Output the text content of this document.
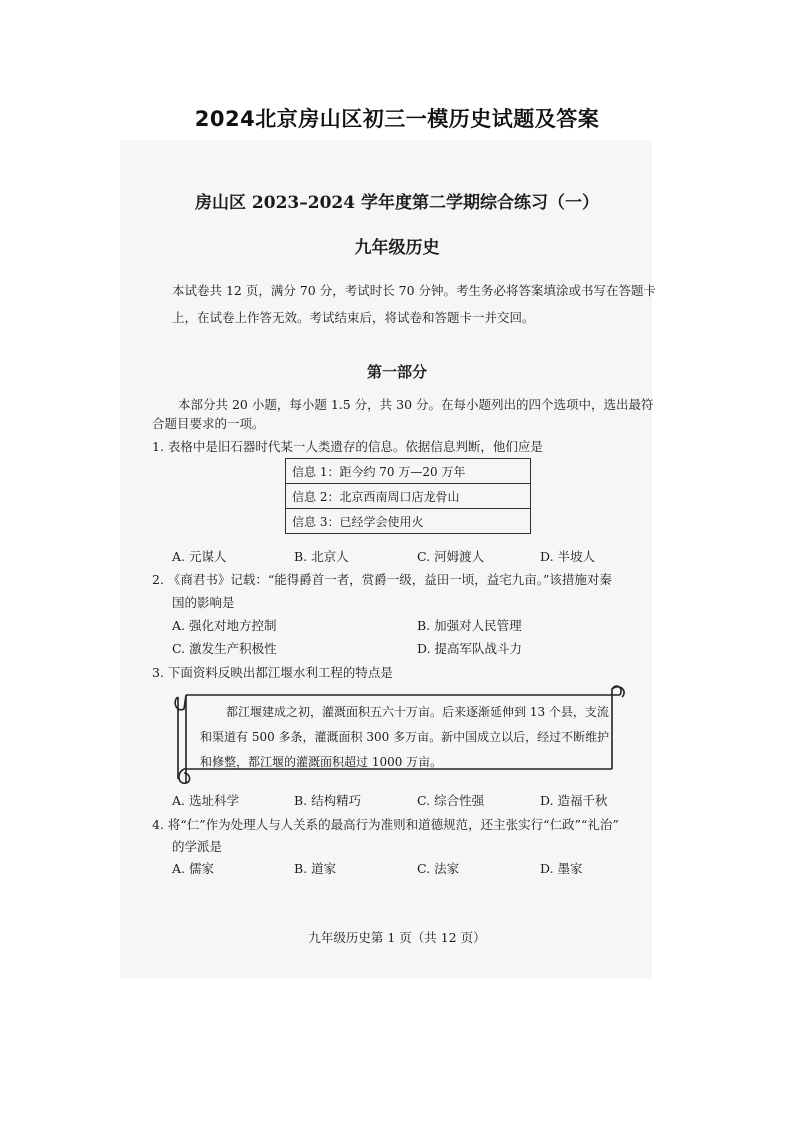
2024北京房山区初三一模历史试题及答案
房山区 2023–2024 学年度第二学期综合练习（一）
九年级历史
本试卷共 12 页，满分 70 分，考试时长 70 分钟。考生务必将答案填涂或书写在答题卡上，在试卷上作答无效。考试结束后，将试卷和答题卡一并交回。
第一部分
本部分共 20 小题，每小题 1.5 分，共 30 分。在每小题列出的四个选项中，选出最符合题目要求的一项。
1. 表格中是旧石器时代某一人类遗存的信息。依据信息判断，他们应是
信息 1：距今约 70 万—20 万年
信息 2：北京西南周口店龙骨山
信息 3：已经学会使用火
A. 元谋人	B. 北京人	C. 河姆渡人	D. 半坡人
2. 《商君书》记载：“能得爵首一者，赏爵一级，益田一顷，益宅九亩。”该措施对秦
国的影响是
A. 强化对地方控制	B. 加强对人民管理
C. 激发生产积极性	D. 提高军队战斗力
3. 下面资料反映出都江堰水利工程的特点是
都江堰建成之初，灌溉面积五六十万亩。后来逐渐延伸到 13 个县，支流和渠道有 500 多条，灌溉面积 300 多万亩。新中国成立以后，经过不断维护和修整，都江堰的灌溉面积超过 1000 万亩。
A. 选址科学	B. 结构精巧	C. 综合性强	D. 造福千秋
4. 将“仁”作为处理人与人关系的最高行为准则和道德规范，还主张实行“仁政”“礼治”
的学派是
A. 儒家	B. 道家	C. 法家	D. 墨家
九年级历史第 1 页（共 12 页）
